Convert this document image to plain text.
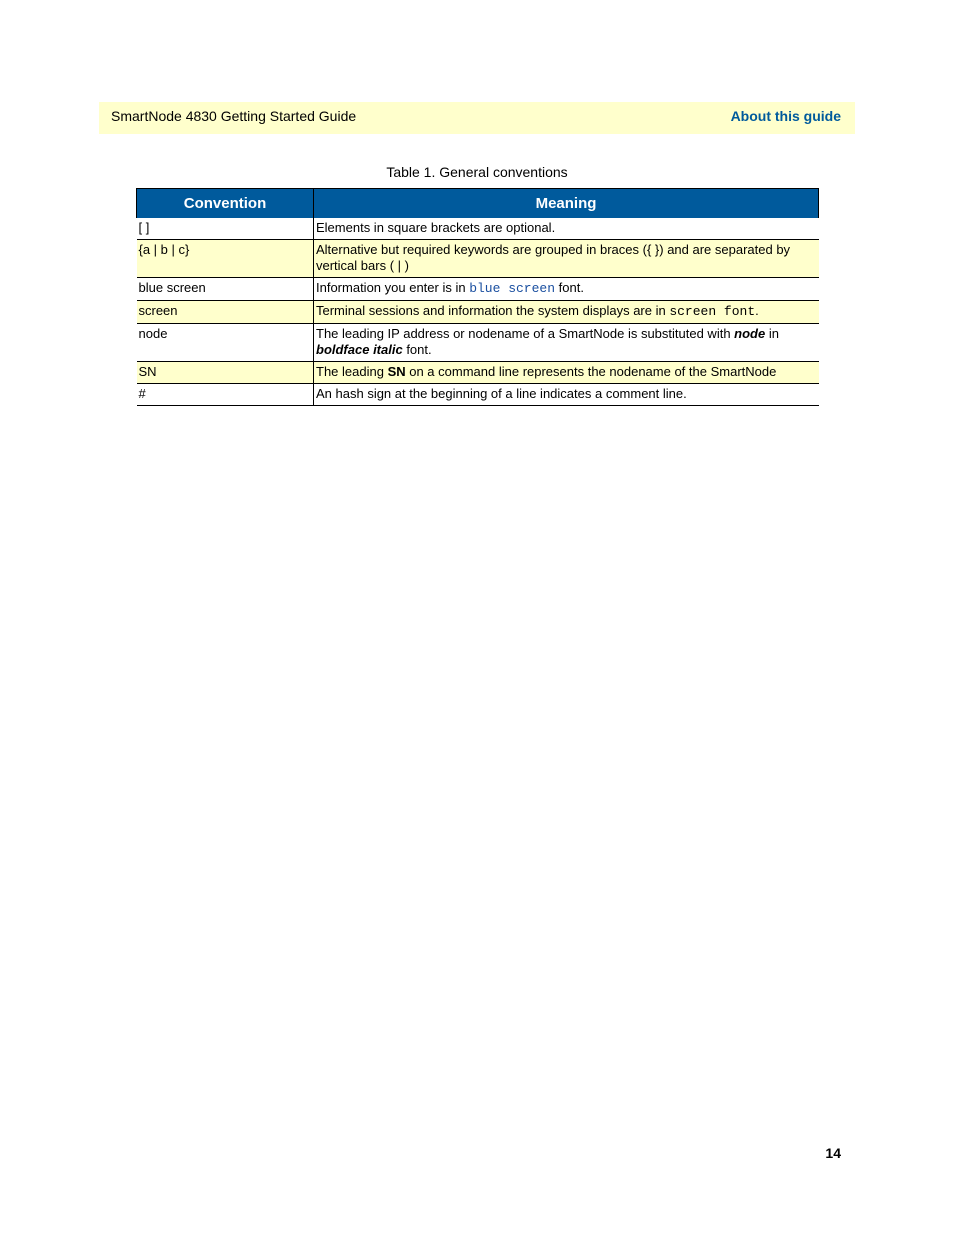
SmartNode 4830 Getting Started Guide	About this guide
Table 1. General conventions
Convention	Meaning
[ ]	Elements in square brackets are optional.
{a | b | c}	Alternative but required keywords are grouped in braces ({ }) and are separated by vertical bars ( | )
blue screen	Information you enter is in blue screen font.
screen	Terminal sessions and information the system displays are in screen font.
node	The leading IP address or nodename of a SmartNode is substituted with node in boldface italic font.
SN	The leading SN on a command line represents the nodename of the SmartNode
#	An hash sign at the beginning of a line indicates a comment line.
14
